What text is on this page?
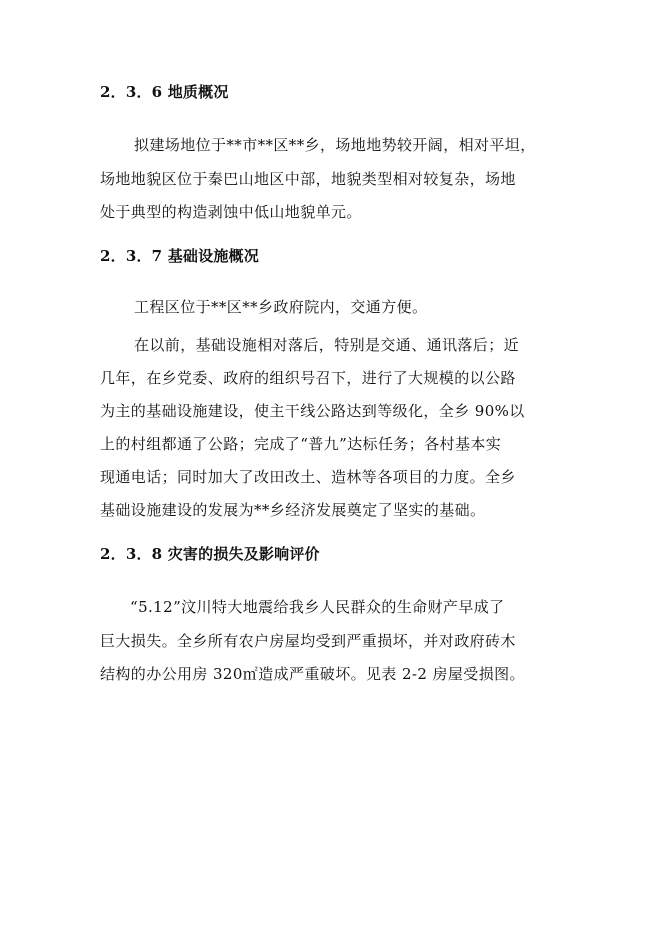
2．3．6 地质概况
拟建场地位于**市**区**乡，场地地势较开阔，相对平坦，
场地地貌区位于秦巴山地区中部，地貌类型相对较复杂，场地
处于典型的构造剥蚀中低山地貌单元。
2．3．7 基础设施概况
工程区位于**区**乡政府院内，交通方便。
在以前，基础设施相对落后，特别是交通、通讯落后；近
几年，在乡党委、政府的组织号召下，进行了大规模的以公路
为主的基础设施建设，使主干线公路达到等级化，全乡 90%以
上的村组都通了公路；完成了“普九”达标任务；各村基本实
现通电话；同时加大了改田改土、造林等各项目的力度。全乡
基础设施建设的发展为**乡经济发展奠定了坚实的基础。
2．3．8 灾害的损失及影响评价
“5.12”汶川特大地震给我乡人民群众的生命财产早成了
巨大损失。全乡所有农户房屋均受到严重损坏，并对政府砖木
结构的办公用房 320㎡造成严重破坏。见表 2-2 房屋受损图。
